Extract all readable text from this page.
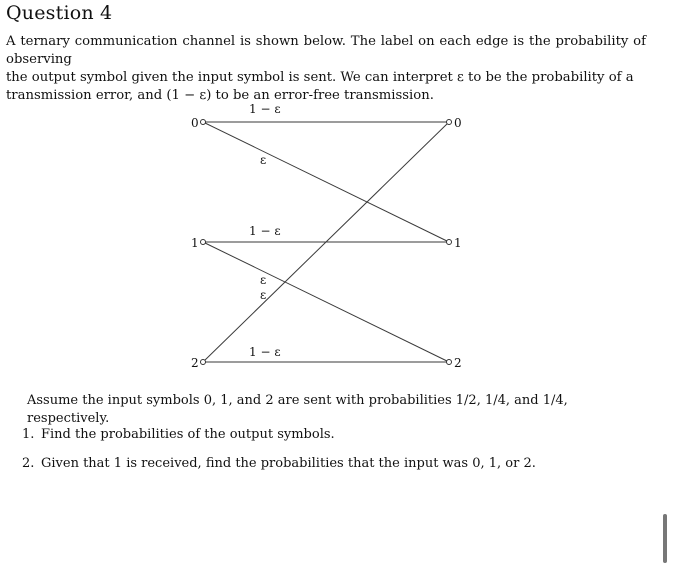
Question 4
A ternary communication channel is shown below. The label on each edge is the probability of observing
the output symbol given the input symbol is sent. We can interpret ε to be the probability of a
transmission error, and (1 − ε) to be an error-free transmission.
0
1
2
0
1
2
1 − ε
ε
1 − ε
ε
ε
1 − ε
Assume the input symbols 0, 1, and 2 are sent with probabilities 1/2, 1/4, and 1/4, respectively.
1. Find the probabilities of the output symbols.
2. Given that 1 is received, find the probabilities that the input was 0, 1, or 2.
